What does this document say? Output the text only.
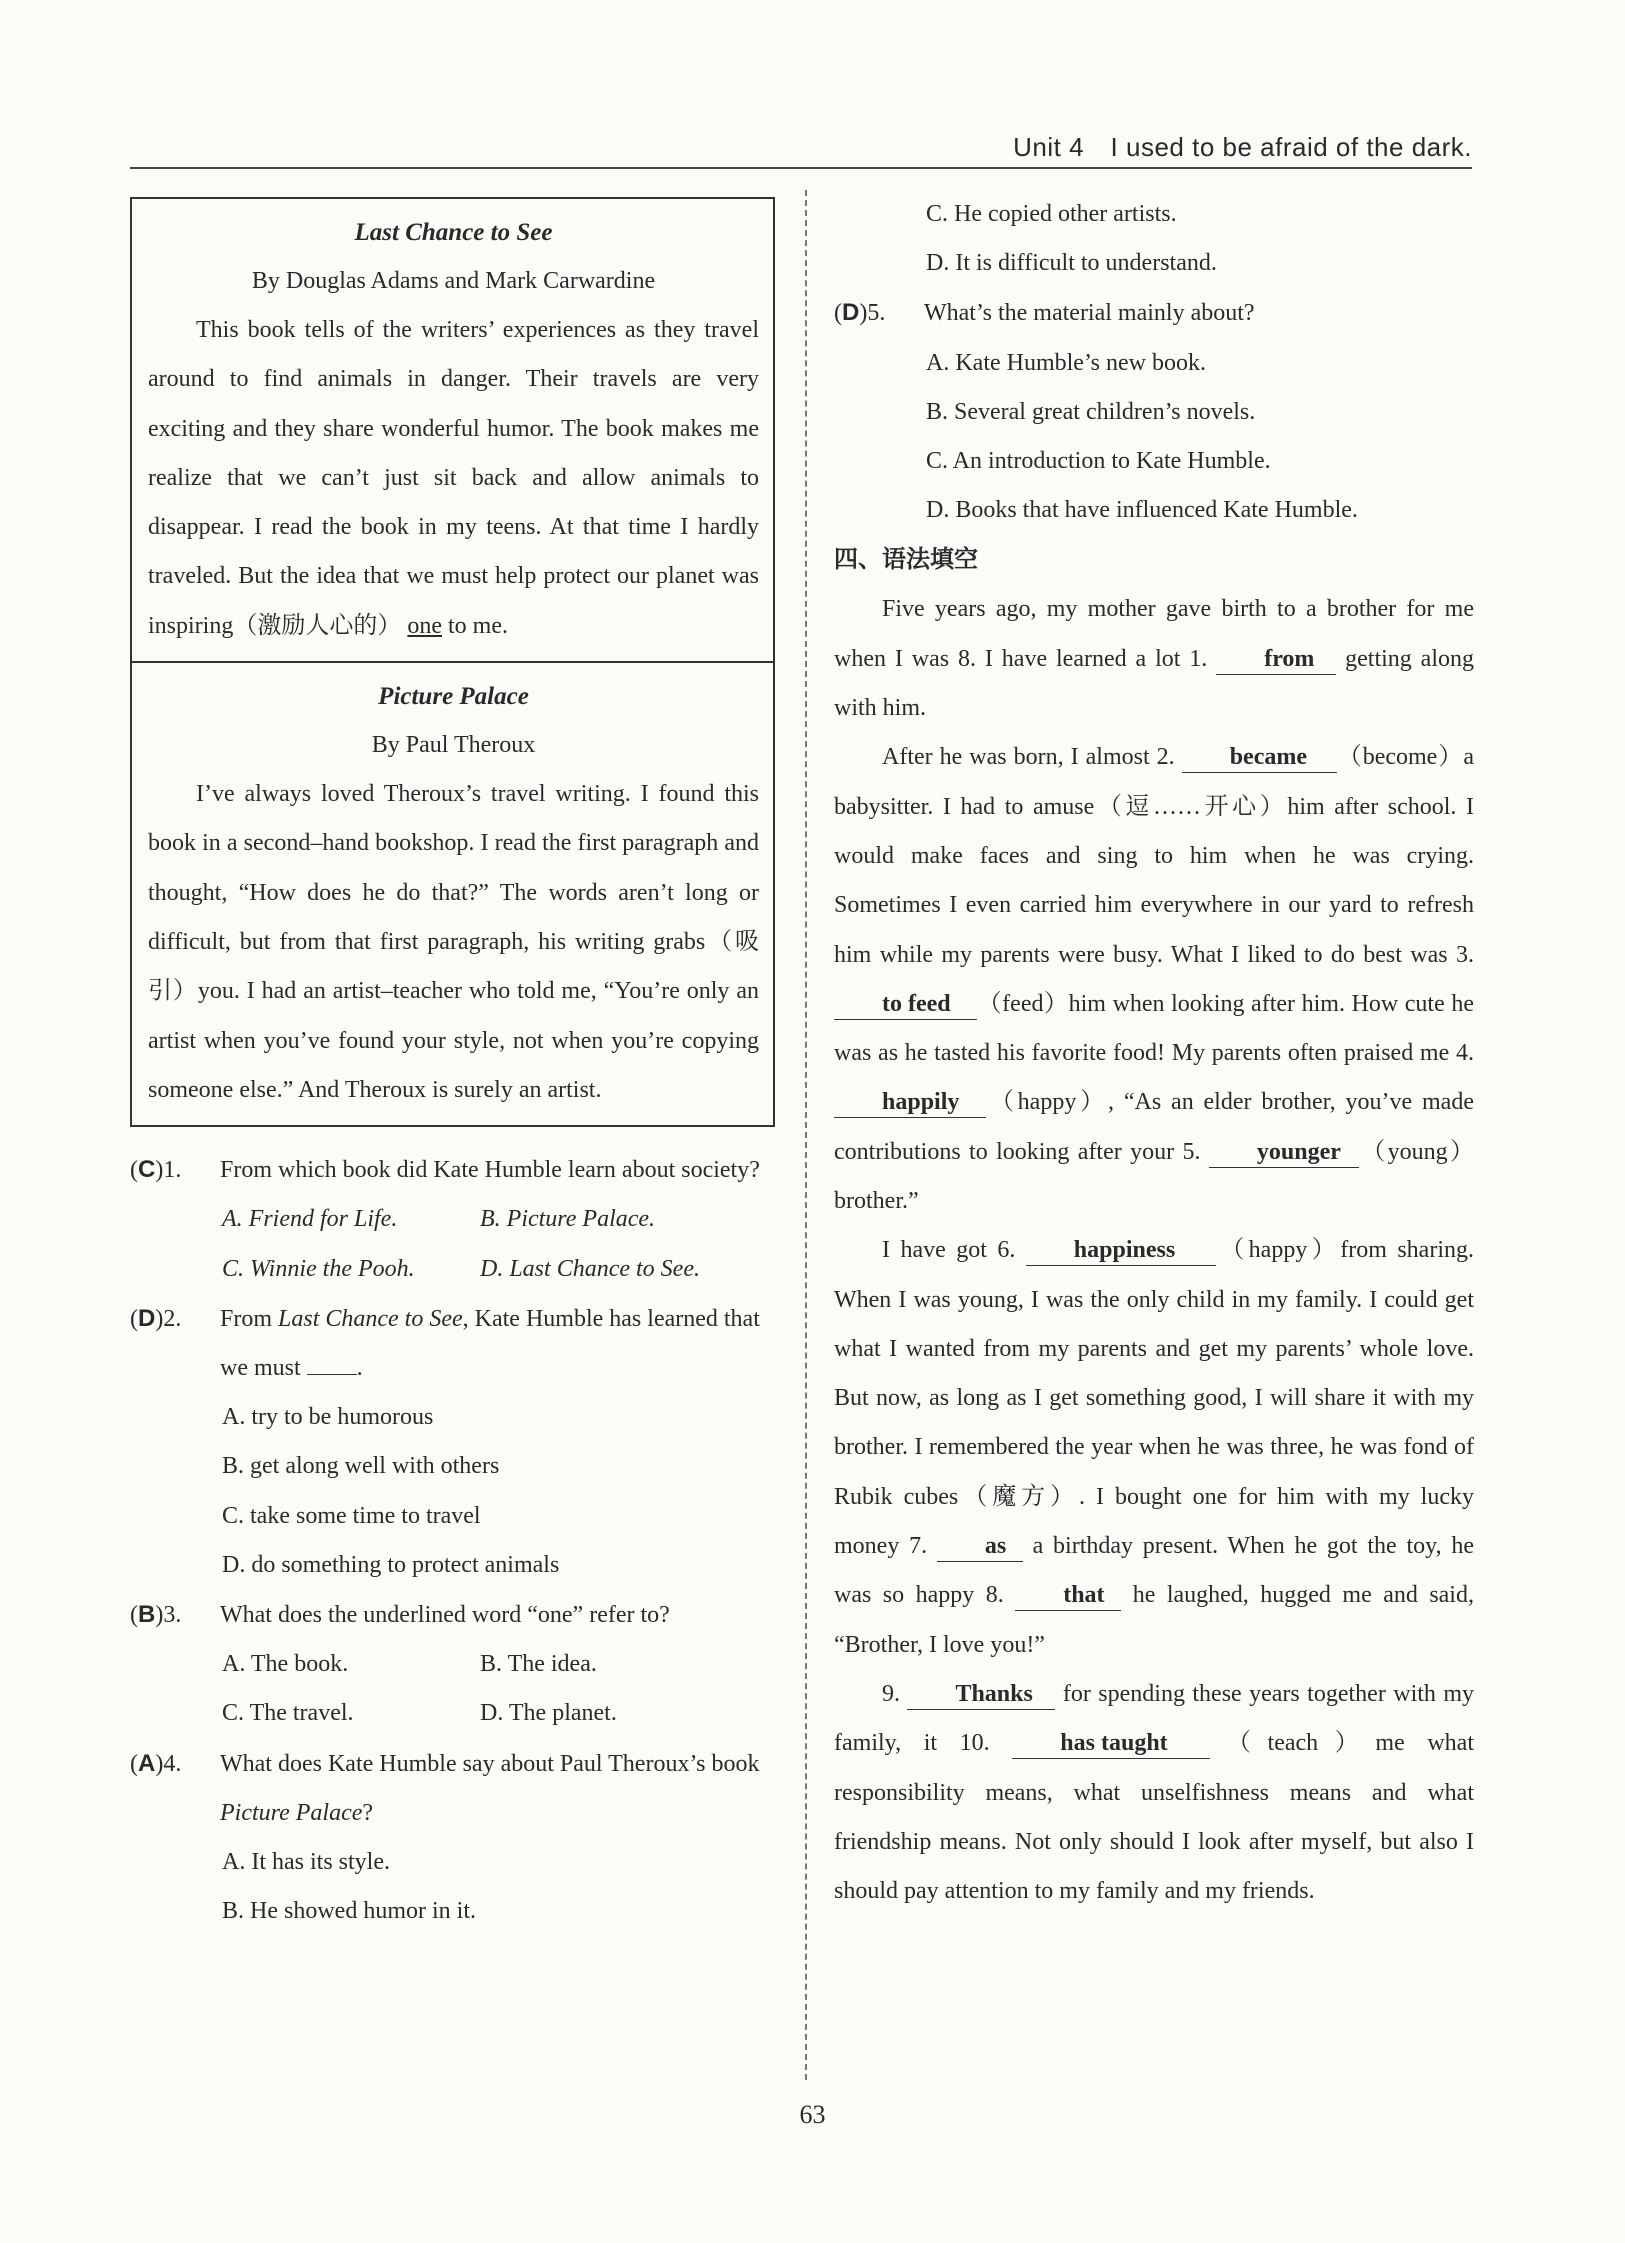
Unit 4 I used to be afraid of the dark.
Last Chance to See
By Douglas Adams and Mark Carwardine

This book tells of the writers’ experiences as they travel around to find animals in danger. Their travels are very exciting and they share wonderful humor. The book makes me realize that we can’t just sit back and allow animals to disappear. I read the book in my teens. At that time I hardly traveled. But the idea that we must help protect our planet was inspiring（激励人心的） one to me.

Picture Palace
By Paul Theroux

I’ve always loved Theroux’s travel writing. I found this book in a second–hand bookshop. I read the first paragraph and thought, “How does he do that?” The words aren’t long or difficult, but from that first paragraph, his writing grabs（吸引）you. I had an artist–teacher who told me, “You’re only an artist when you’ve found your style, not when you’re copying someone else.” And Theroux is surely an artist.

(C)1. From which book did Kate Humble learn about society?
A. Friend for Life.	B. Picture Palace.
C. Winnie the Pooh.	D. Last Chance to See.
(D)2. From Last Chance to See, Kate Humble has learned that we must .
A. try to be humorous
B. get along well with others
C. take some time to travel
D. do something to protect animals
(B)3. What does the underlined word “one” refer to?
A. The book.	B. The idea.
C. The travel.	D. The planet.
(A)4. What does Kate Humble say about Paul Theroux’s book Picture Palace?
A. It has its style.
B. He showed humor in it.
C. He copied other artists.
D. It is difficult to understand.
(D)5. What’s the material mainly about?
A. Kate Humble’s new book.
B. Several great children’s novels.
C. An introduction to Kate Humble.
D. Books that have influenced Kate Humble.
四、语法填空

Five years ago, my mother gave birth to a brother for me when I was 8. I have learned a lot 1. from getting along with him.

After he was born, I almost 2. became （become）a babysitter. I had to amuse（逗……开心）him after school. I would make faces and sing to him when he was crying. Sometimes I even carried him everywhere in our yard to refresh him while my parents were busy. What I liked to do best was 3. to feed （feed）him when looking after him. How cute he was as he tasted his favorite food! My parents often praised me 4. happily （happy）, “As an elder brother, you’ve made contributions to looking after your 5. younger （young）brother.”

I have got 6. happiness （happy）from sharing. When I was young, I was the only child in my family. I could get what I wanted from my parents and get my parents’ whole love. But now, as long as I get something good, I will share it with my brother. I remembered the year when he was three, he was fond of Rubik cubes（魔方）. I bought one for him with my lucky money 7. as a birthday present. When he got the toy, he was so happy 8. that he laughed, hugged me and said, “Brother, I love you!”

9. Thanks for spending these years together with my family, it 10. has taught （teach）me what responsibility means, what unselfishness means and what friendship means. Not only should I look after myself, but also I should pay attention to my family and my friends.

63
